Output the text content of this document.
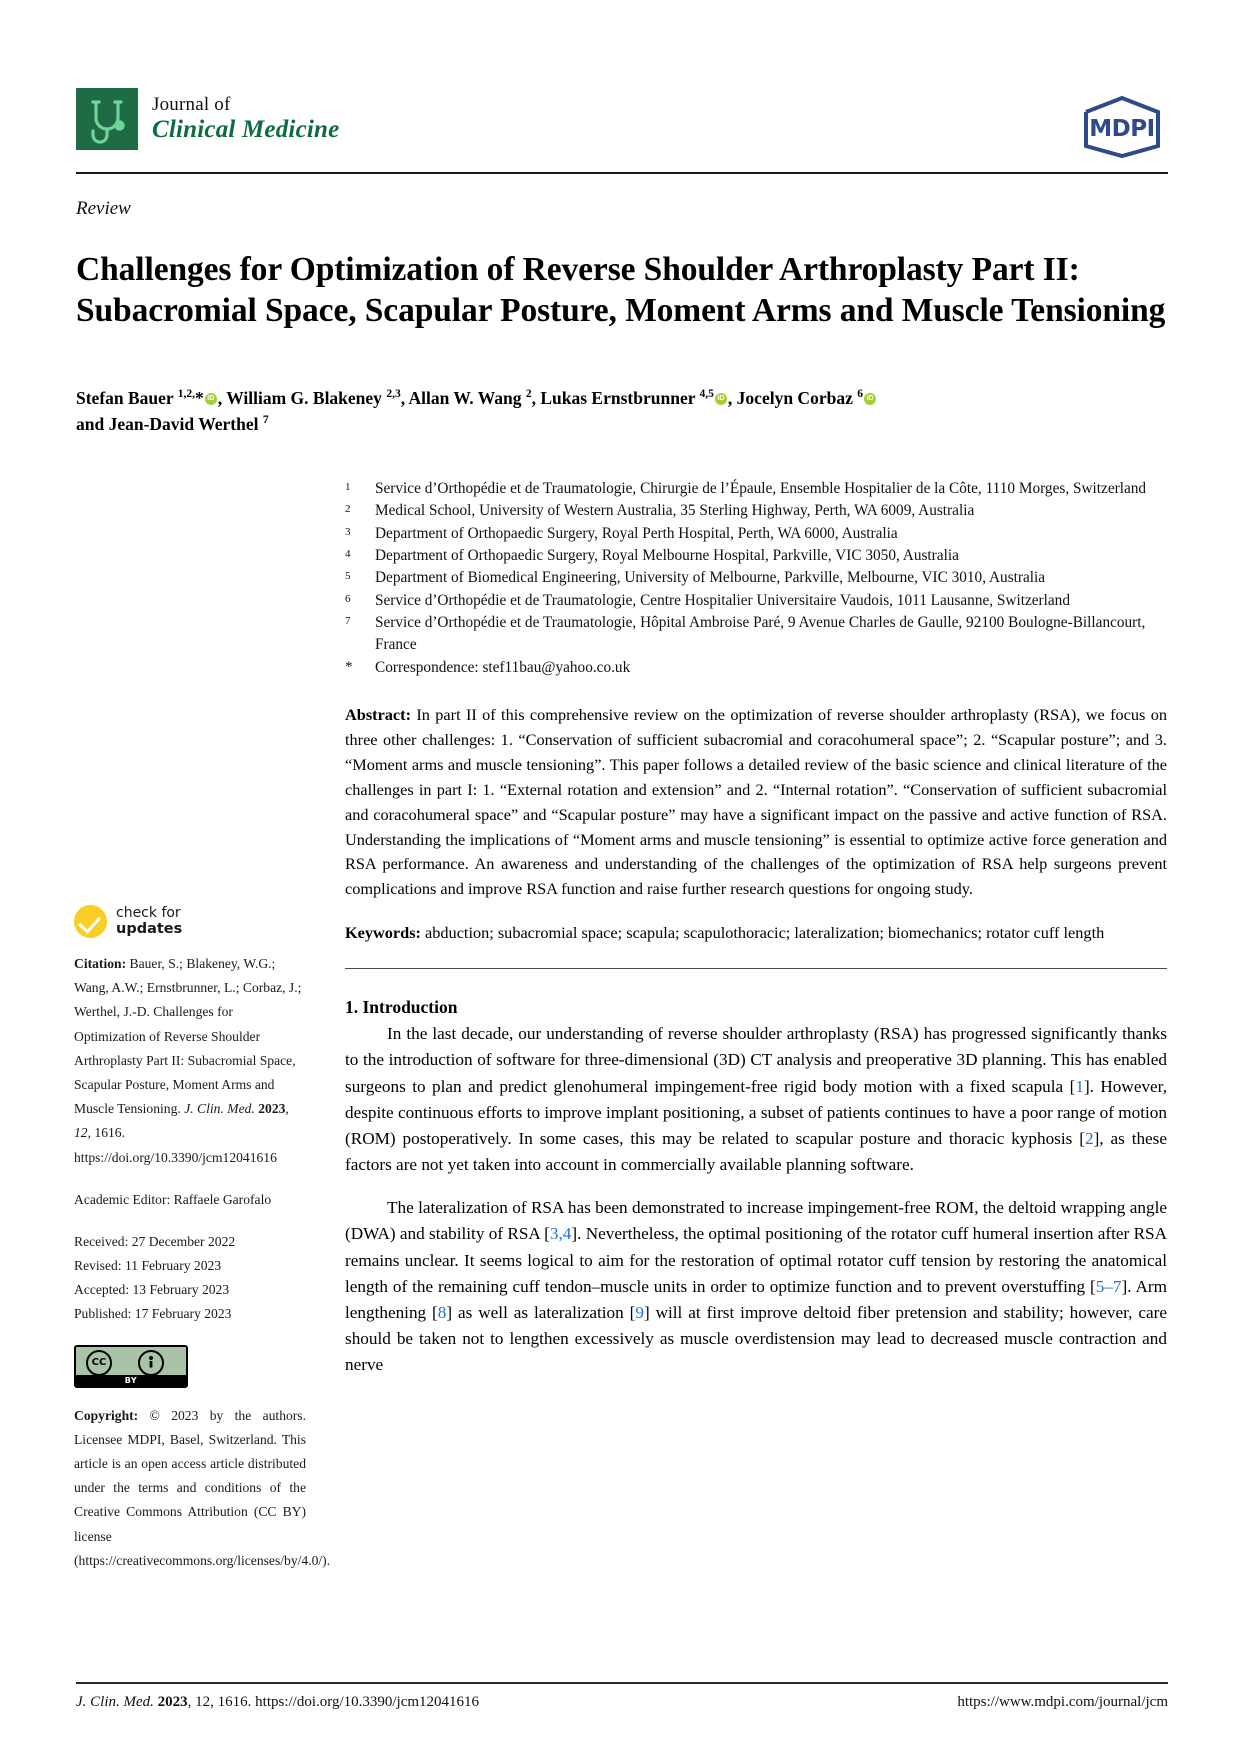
Journal of
Clinical Medicine	MDPI
Review
Challenges for Optimization of Reverse Shoulder Arthroplasty Part II: Subacromial Space, Scapular Posture, Moment Arms and Muscle Tensioning
Stefan Bauer $^{1,2,}$* iD , William G. Blakeney $^{2,3}$, Allan W. Wang $^2$, Lukas Ernstbrunner $^{4,5}$ iD , Jocelyn Corbaz $^6$iD
and Jean-David Werthel $^7$
check for
updates
Citation: Bauer, S.; Blakeney, W.G.; Wang, A.W.; Ernstbrunner, L.; Corbaz, J.; Werthel, J.-D. Challenges for Optimization of Reverse Shoulder Arthroplasty Part II: Subacromial Space, Scapular Posture, Moment Arms and Muscle Tensioning. J. Clin. Med. 2023, 12, 1616. https://doi.org/10.3390/jcm12041616
Academic Editor: Raffaele Garofalo
Received: 27 December 2022
Revised: 11 February 2023
Accepted: 13 February 2023
Published: 17 February 2023
CC
BY
Copyright: © 2023 by the authors. Licensee MDPI, Basel, Switzerland. This article is an open access article distributed under the terms and conditions of the Creative Commons Attribution (CC BY) license (https://creativecommons.org/licenses/by/4.0/).
1	Service d’Orthopédie et de Traumatologie, Chirurgie de l’Épaule, Ensemble Hospitalier de la Côte, 1110 Morges, Switzerland
2	Medical School, University of Western Australia, 35 Sterling Highway, Perth, WA 6009, Australia
3	Department of Orthopaedic Surgery, Royal Perth Hospital, Perth, WA 6000, Australia
4	Department of Orthopaedic Surgery, Royal Melbourne Hospital, Parkville, VIC 3050, Australia
5	Department of Biomedical Engineering, University of Melbourne, Parkville, Melbourne, VIC 3010, Australia
6	Service d’Orthopédie et de Traumatologie, Centre Hospitalier Universitaire Vaudois, 1011 Lausanne, Switzerland
7	Service d’Orthopédie et de Traumatologie, Hôpital Ambroise Paré, 9 Avenue Charles de Gaulle, 92100 Boulogne-Billancourt, France
*	Correspondence: stef11bau@yahoo.co.uk
Abstract: In part II of this comprehensive review on the optimization of reverse shoulder arthroplasty (RSA), we focus on three other challenges: 1. “Conservation of sufficient subacromial and coracohumeral space”; 2. “Scapular posture”; and 3. “Moment arms and muscle tensioning”. This paper follows a detailed review of the basic science and clinical literature of the challenges in part I: 1. “External rotation and extension” and 2. “Internal rotation”. “Conservation of sufficient subacromial and coracohumeral space” and “Scapular posture” may have a significant impact on the passive and active function of RSA. Understanding the implications of “Moment arms and muscle tensioning” is essential to optimize active force generation and RSA performance. An awareness and understanding of the challenges of the optimization of RSA help surgeons prevent complications and improve RSA function and raise further research questions for ongoing study.
Keywords: abduction; subacromial space; scapula; scapulothoracic; lateralization; biomechanics; rotator cuff length
1. Introduction

In the last decade, our understanding of reverse shoulder arthroplasty (RSA) has progressed significantly thanks to the introduction of software for three-dimensional (3D) CT analysis and preoperative 3D planning. This has enabled surgeons to plan and predict glenohumeral impingement-free rigid body motion with a fixed scapula [1]. However, despite continuous efforts to improve implant positioning, a subset of patients continues to have a poor range of motion (ROM) postoperatively. In some cases, this may be related to scapular posture and thoracic kyphosis [2], as these factors are not yet taken into account in commercially available planning software.

The lateralization of RSA has been demonstrated to increase impingement-free ROM, the deltoid wrapping angle (DWA) and stability of RSA [3,4]. Nevertheless, the optimal positioning of the rotator cuff humeral insertion after RSA remains unclear. It seems logical to aim for the restoration of optimal rotator cuff tension by restoring the anatomical length of the remaining cuff tendon–muscle units in order to optimize function and to prevent overstuffing [5–7]. Arm lengthening [8] as well as lateralization [9] will at first improve deltoid fiber pretension and stability; however, care should be taken not to lengthen excessively as muscle overdistension may lead to decreased muscle contraction and nerve

J. Clin. Med. 2023, 12, 1616. https://doi.org/10.3390/jcm12041616	https://www.mdpi.com/journal/jcm
